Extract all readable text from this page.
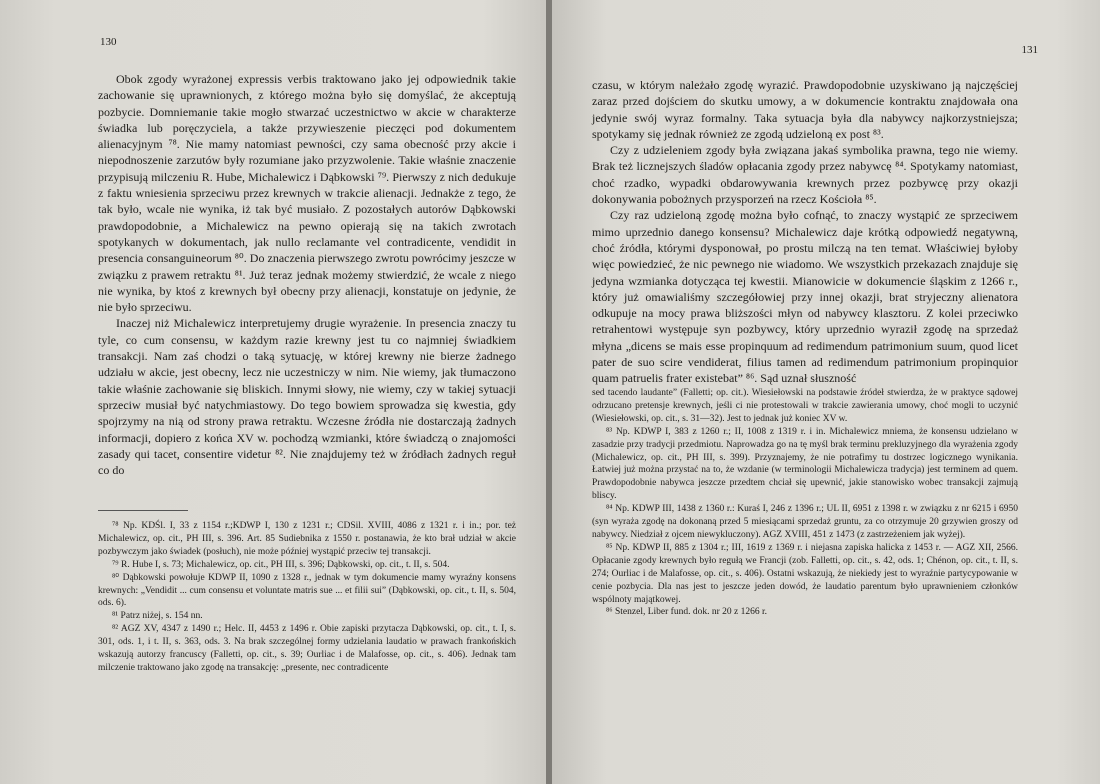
130

Obok zgody wyrażonej expressis verbis traktowano jako jej odpowiednik takie zachowanie się uprawnionych, z którego można było się domyślać, że akceptują pozbycie. Domniemanie takie mogło stwarzać uczestnictwo w akcie w charakterze świadka lub poręczyciela, a także przywieszenie pieczęci pod dokumentem alienacyjnym ⁷⁸. Nie mamy natomiast pewności, czy sama obecność przy akcie i niepodnoszenie zarzutów były rozumiane jako przyzwolenie. Takie właśnie znaczenie przypisują milczeniu R. Hube, Michalewicz i Dąbkowski ⁷⁹. Pierwszy z nich dedukuje z faktu wniesienia sprzeciwu przez krewnych w trakcie alienacji. Jednakże z tego, że tak było, wcale nie wynika, iż tak być musiało. Z pozostałych autorów Dąbkowski prawdopodobnie, a Michalewicz na pewno opierają się na takich zwrotach spotykanych w dokumentach, jak nullo reclamante vel contradicente, vendidit in presencia consanguineorum ⁸⁰. Do znaczenia pierwszego zwrotu powrócimy jeszcze w związku z prawem retraktu ⁸¹. Już teraz jednak możemy stwierdzić, że wcale z niego nie wynika, by ktoś z krewnych był obecny przy alienacji, konstatuje on jedynie, że nie było sprzeciwu.

Inaczej niż Michalewicz interpretujemy drugie wyrażenie. In presencia znaczy tu tyle, co cum consensu, w każdym razie krewny jest tu co najmniej świadkiem transakcji. Nam zaś chodzi o taką sytuację, w której krewny nie bierze żadnego udziału w akcie, jest obecny, lecz nie uczestniczy w nim. Nie wiemy, jak tłumaczono takie właśnie zachowanie się bliskich. Innymi słowy, nie wiemy, czy w takiej sytuacji sprzeciw musiał być natychmiastowy. Do tego bowiem sprowadza się kwestia, gdy spojrzymy na nią od strony prawa retraktu. Wczesne źródła nie dostarczają żadnych informacji, dopiero z końca XV w. pochodzą wzmianki, które świadczą o znajomości zasady qui tacet, consentire videtur ⁸². Nie znajdujemy też w źródłach żadnych reguł co do

⁷⁸ Np. KDŚl. I, 33 z 1154 r.;KDWP I, 130 z 1231 r.; CDSil. XVIII, 4086 z 1321 r. i in.; por. też Michalewicz, op. cit., PH III, s. 396. Art. 85 Sudiebnika z 1550 r. postanawia, że kto brał udział w akcie pozbywczym jako świadek (posłuch), nie może później wystąpić przeciw tej transakcji.

⁷⁹ R. Hube I, s. 73; Michalewicz, op. cit., PH III, s. 396; Dąbkowski, op. cit., t. II, s. 504.

⁸⁰ Dąbkowski powołuje KDWP II, 1090 z 1328 r., jednak w tym dokumencie mamy wyraźny konsens krewnych: „Vendidit ... cum consensu et voluntate matris sue ... et filii sui” (Dąbkowski, op. cit., t. II, s. 504, ods. 6).

⁸¹ Patrz niżej, s. 154 nn.

⁸² AGZ XV, 4347 z 1490 r.; Helc. II, 4453 z 1496 r. Obie zapiski przytacza Dąbkowski, op. cit., t. I, s. 301, ods. 1, i t. II, s. 363, ods. 3. Na brak szczególnej formy udzielania laudatio w prawach frankońskich wskazują autorzy francuscy (Falletti, op. cit., s. 39; Ourliac i de Malafosse, op. cit., s. 406). Jednak tam milczenie traktowano jako zgodę na transakcję: „presente, nec contradicente

131

czasu, w którym należało zgodę wyrazić. Prawdopodobnie uzyskiwano ją najczęściej zaraz przed dojściem do skutku umowy, a w dokumencie kontraktu znajdowała ona jedynie swój wyraz formalny. Taka sytuacja była dla nabywcy najkorzystniejsza; spotykamy się jednak również ze zgodą udzieloną ex post ⁸³.

Czy z udzieleniem zgody była związana jakaś symbolika prawna, tego nie wiemy. Brak też licznejszych śladów opłacania zgody przez nabywcę ⁸⁴. Spotykamy natomiast, choć rzadko, wypadki obdarowywania krewnych przez pozbywcę przy okazji dokonywania pobożnych przysporzeń na rzecz Kościoła ⁸⁵.

Czy raz udzieloną zgodę można było cofnąć, to znaczy wystąpić ze sprzeciwem mimo uprzednio danego konsensu? Michalewicz daje krótką odpowiedź negatywną, choć źródła, którymi dysponował, po prostu milczą na ten temat. Właściwiej byłoby więc powiedzieć, że nic pewnego nie wiadomo. We wszystkich przekazach znajduje się jedyna wzmianka dotycząca tej kwestii. Mianowicie w dokumencie śląskim z 1266 r., który już omawialiśmy szczegółowiej przy innej okazji, brat stryjeczny alienatora odkupuje na mocy prawa bliższości młyn od nabywcy klasztoru. Z kolei przeciwko retrahentowi występuje syn pozbywcy, który uprzednio wyraził zgodę na sprzedaż młyna „dicens se mais esse propinquum ad redimendum patrimonium suum, quod licet pater de suo scire vendiderat, filius tamen ad redimendum patrimonium propinquior quam patruelis frater existebat” ⁸⁶. Sąd uznał słuszność

sed tacendo laudante” (Falletti; op. cit.). Wiesiełowski na podstawie źródeł stwierdza, że w praktyce sądowej odrzucano pretensje krewnych, jeśli ci nie protestowali w trakcie zawierania umowy, choć mogli to uczynić (Wiesiełowski, op. cit., s. 31—32). Jest to jednak już koniec XV w.

⁸³ Np. KDWP I, 383 z 1260 r.; II, 1008 z 1319 r. i in. Michalewicz mniema, że konsensu udzielano w zasadzie przy tradycji przedmiotu. Naprowadza go na tę myśl brak terminu prekluzyjnego dla wyrażenia zgody (Michalewicz, op. cit., PH III, s. 399). Przyznajemy, że nie potrafimy tu dostrzec logicznego wynikania. Łatwiej już można przystać na to, że wzdanie (w terminologii Michalewicza tradycja) jest terminem ad quem. Prawdopodobnie nabywca jeszcze przedtem chciał się upewnić, jakie stanowisko wobec transakcji zajmują bliscy.

⁸⁴ Np. KDWP III, 1438 z 1360 r.: Kuraś I, 246 z 1396 r.; UL II, 6951 z 1398 r. w związku z nr 6215 i 6950 (syn wyraża zgodę na dokonaną przed 5 miesiącami sprzedaż gruntu, za co otrzymuje 20 grzywien groszy od nabywcy. Niedział z ojcem niewykluczony). AGZ XVIII, 451 z 1473 (z zastrzeżeniem jak wyżej).

⁸⁵ Np. KDWP II, 885 z 1304 r.; III, 1619 z 1369 r. i niejasna zapiska halicka z 1453 r. — AGZ XII, 2566. Opłacanie zgody krewnych było regułą we Francji (zob. Falletti, op. cit., s. 42, ods. 1; Chénon, op. cit., t. II, s. 274; Ourliac i de Malafosse, op. cit., s. 406). Ostatni wskazują, że niekiedy jest to wyraźnie partycypowanie w cenie pozbycia. Dla nas jest to jeszcze jeden dowód, że laudatio parentum było uprawnieniem członków wspólnoty majątkowej.

⁸⁶ Stenzel, Liber fund. dok. nr 20 z 1266 r.
